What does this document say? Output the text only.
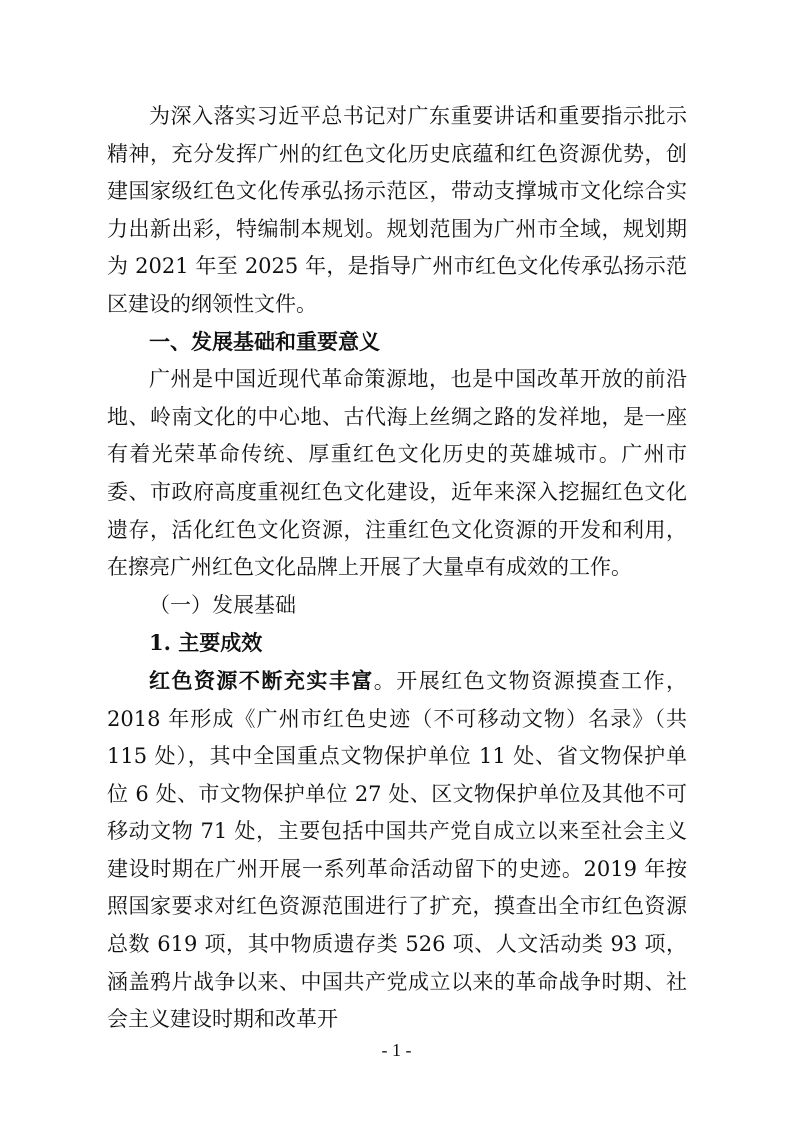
为深入落实习近平总书记对广东重要讲话和重要指示批示精神，充分发挥广州的红色文化历史底蕴和红色资源优势，创建国家级红色文化传承弘扬示范区，带动支撑城市文化综合实力出新出彩，特编制本规划。规划范围为广州市全域，规划期为 2021 年至 2025 年，是指导广州市红色文化传承弘扬示范区建设的纲领性文件。

一、发展基础和重要意义

广州是中国近现代革命策源地，也是中国改革开放的前沿地、岭南文化的中心地、古代海上丝绸之路的发祥地，是一座有着光荣革命传统、厚重红色文化历史的英雄城市。广州市委、市政府高度重视红色文化建设，近年来深入挖掘红色文化遗存，活化红色文化资源，注重红色文化资源的开发和利用，在擦亮广州红色文化品牌上开展了大量卓有成效的工作。

（一）发展基础

1. 主要成效

红色资源不断充实丰富。开展红色文物资源摸查工作，2018 年形成《广州市红色史迹（不可移动文物）名录》（共 115 处），其中全国重点文物保护单位 11 处、省文物保护单位 6 处、市文物保护单位 27 处、区文物保护单位及其他不可移动文物 71 处，主要包括中国共产党自成立以来至社会主义建设时期在广州开展一系列革命活动留下的史迹。2019 年按照国家要求对红色资源范围进行了扩充，摸查出全市红色资源总数 619 项，其中物质遗存类 526 项、人文活动类 93 项，涵盖鸦片战争以来、中国共产党成立以来的革命战争时期、社会主义建设时期和改革开

- 1 -
